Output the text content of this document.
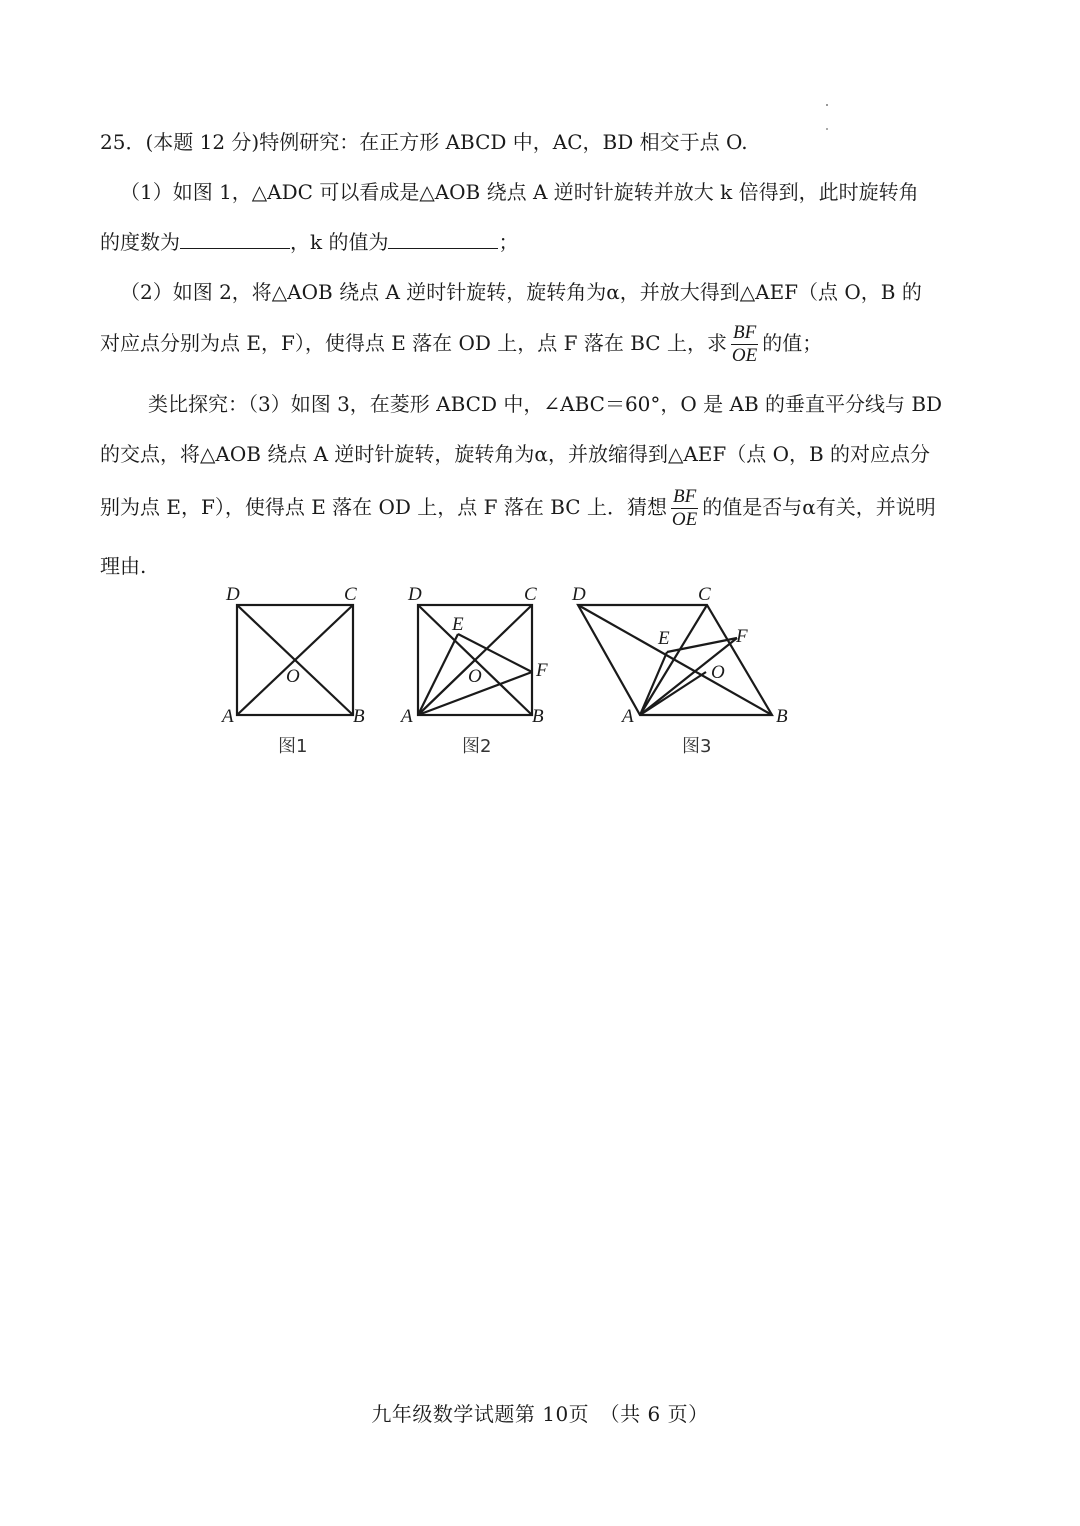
25．(本题 12 分)特例研究：在正方形 ABCD 中，AC，BD 相交于点 O.
（1）如图 1，△ADC 可以看成是△AOB 绕点 A 逆时针旋转并放大 k 倍得到，此时旋转角
的度数为	，k 的值为	；
（2）如图 2，将△AOB 绕点 A 逆时针旋转，旋转角为α，并放大得到△AEF（点 O，B 的
对应点分别为点 E，F），使得点 E 落在 OD 上，点 F 落在 BC 上，求 $\frac{BF}{OE}$ 的值；
类比探究：（3）如图 3，在菱形 ABCD 中，∠ABC＝60°，O 是 AB 的垂直平分线与 BD
的交点，将△AOB 绕点 A 逆时针旋转，旋转角为α，并放缩得到△AEF（点 O，B 的对应点分
别为点 E，F），使得点 E 落在 OD 上，点 F 落在 BC 上．猜想 $\frac{BF}{OE}$ 的值是否与α有关，并说明
理由.
D	C
A	B
O
图1
D	C
A	B
E
F
O
图2
D	C
A	B
E	F
O
图3
九年级数学试题第 10页　（共 6 页）
